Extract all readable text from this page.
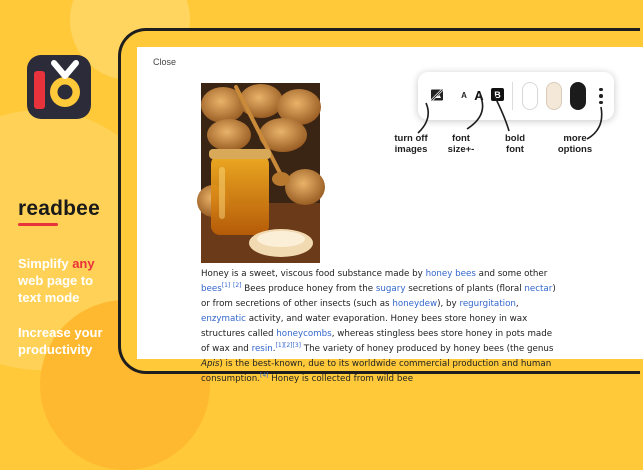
readbee
Simplify any web page to text mode
Increase your productivity
Close
Honey is a sweet, viscous food substance made by honey bees and some other bees[1] [2] Bees produce honey from the sugary secretions of plants (floral nectar) or from secretions of other insects (such as honeydew), by regurgitation, enzymatic activity, and water evaporation. Honey bees store honey in wax structures called honeycombs, whereas stingless bees store honey in pots made of wax and resin.[1][2][3] The variety of honey produced by honey bees (the genus Apis) is the best-known, due to its worldwide commercial production and human consumption.[4] Honey is collected from wild bee
A A	B
turn off images
font size+-
bold font
more options
